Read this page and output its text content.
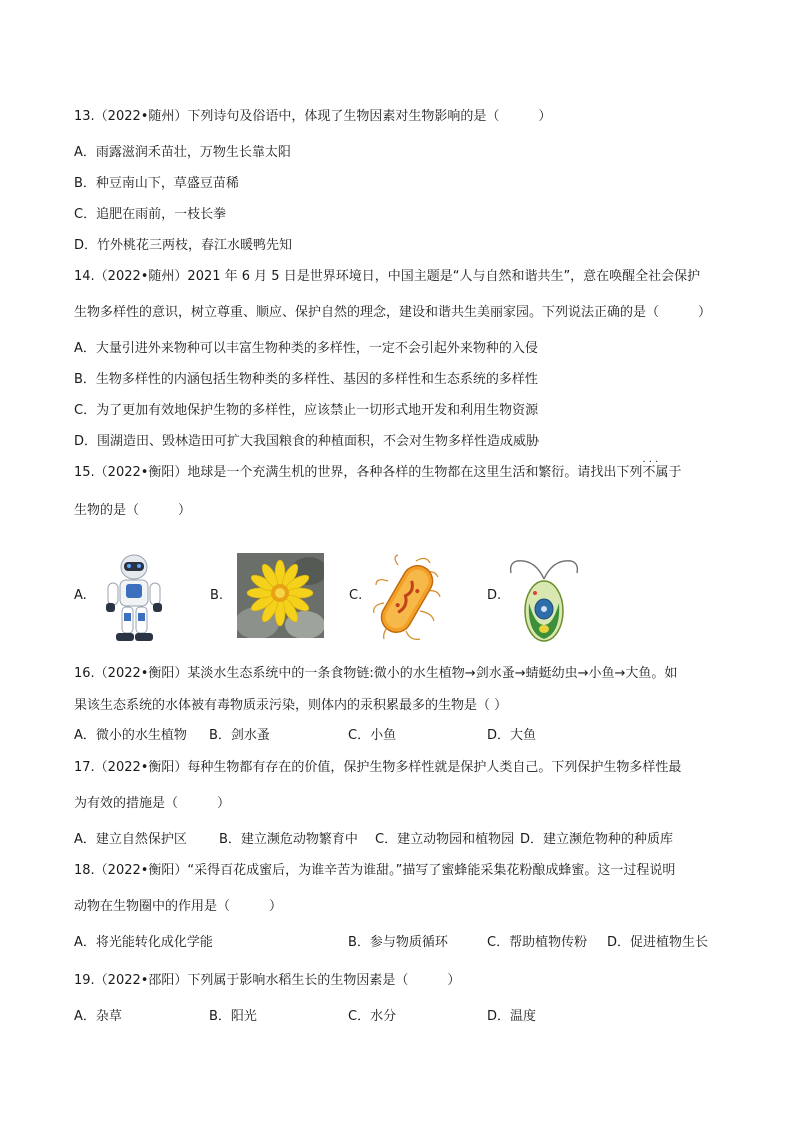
13.（2022•随州）下列诗句及俗语中，体现了生物因素对生物影响的是（　　　）
A．雨露滋润禾苗壮，万物生长靠太阳
B．种豆南山下，草盛豆苗稀
C．追肥在雨前，一枝长拳
D．竹外桃花三两枝，春江水暖鸭先知
14.（2022•随州）2021 年 6 月 5 日是世界环境日，中国主题是“人与自然和谐共生”，意在唤醒全社会保护
生物多样性的意识，树立尊重、顺应、保护自然的理念，建设和谐共生美丽家园。下列说法正确的是（　　　）
A．大量引进外来物种可以丰富生物种类的多样性，一定不会引起外来物种的入侵
B．生物多样性的内涵包括生物种类的多样性、基因的多样性和生态系统的多样性
C．为了更加有效地保护生物的多样性，应该禁止一切形式地开发和利用生物资源
D．围湖造田、毁林造田可扩大我国粮食的种植面积，不会对生物多样性造成威胁
15.（2022•衡阳）地球是一个充满生机的世界，各种各样的生物都在这里生活和繁衍。请找出下列不属于 · · ·
生物的是（　　　）
A.	B.	C.	D.
16.（2022•衡阳）某淡水生态系统中的一条食物链:微小的水生植物→剑水蚤→蜻蜓幼虫→小鱼→大鱼。如
果该生态系统的水体被有毒物质汞污染，则体内的汞积累最多的生物是（ ）
A．微小的水生植物 B．剑水蚤	C．小鱼	D．大鱼
17.（2022•衡阳）每种生物都有存在的价值，保护生物多样性就是保护人类自己。下列保护生物多样性最
为有效的措施是（　　　）
A．建立自然保护区 B．建立濒危动物繁育中 C．建立动物园和植物园 D．建立濒危物种的种质库
18.（2022•衡阳）“采得百花成蜜后，为谁辛苦为谁甜。”描写了蜜蜂能采集花粉酿成蜂蜜。这一过程说明
动物在生物圈中的作用是（　　　）
A．将光能转化成化学能	B．参与物质循环	C．帮助植物传粉 D．促进植物生长
19.（2022•邵阳）下列属于影响水稻生长的生物因素是（　　　）
A．杂草	B．阳光	C．水分	D．温度
